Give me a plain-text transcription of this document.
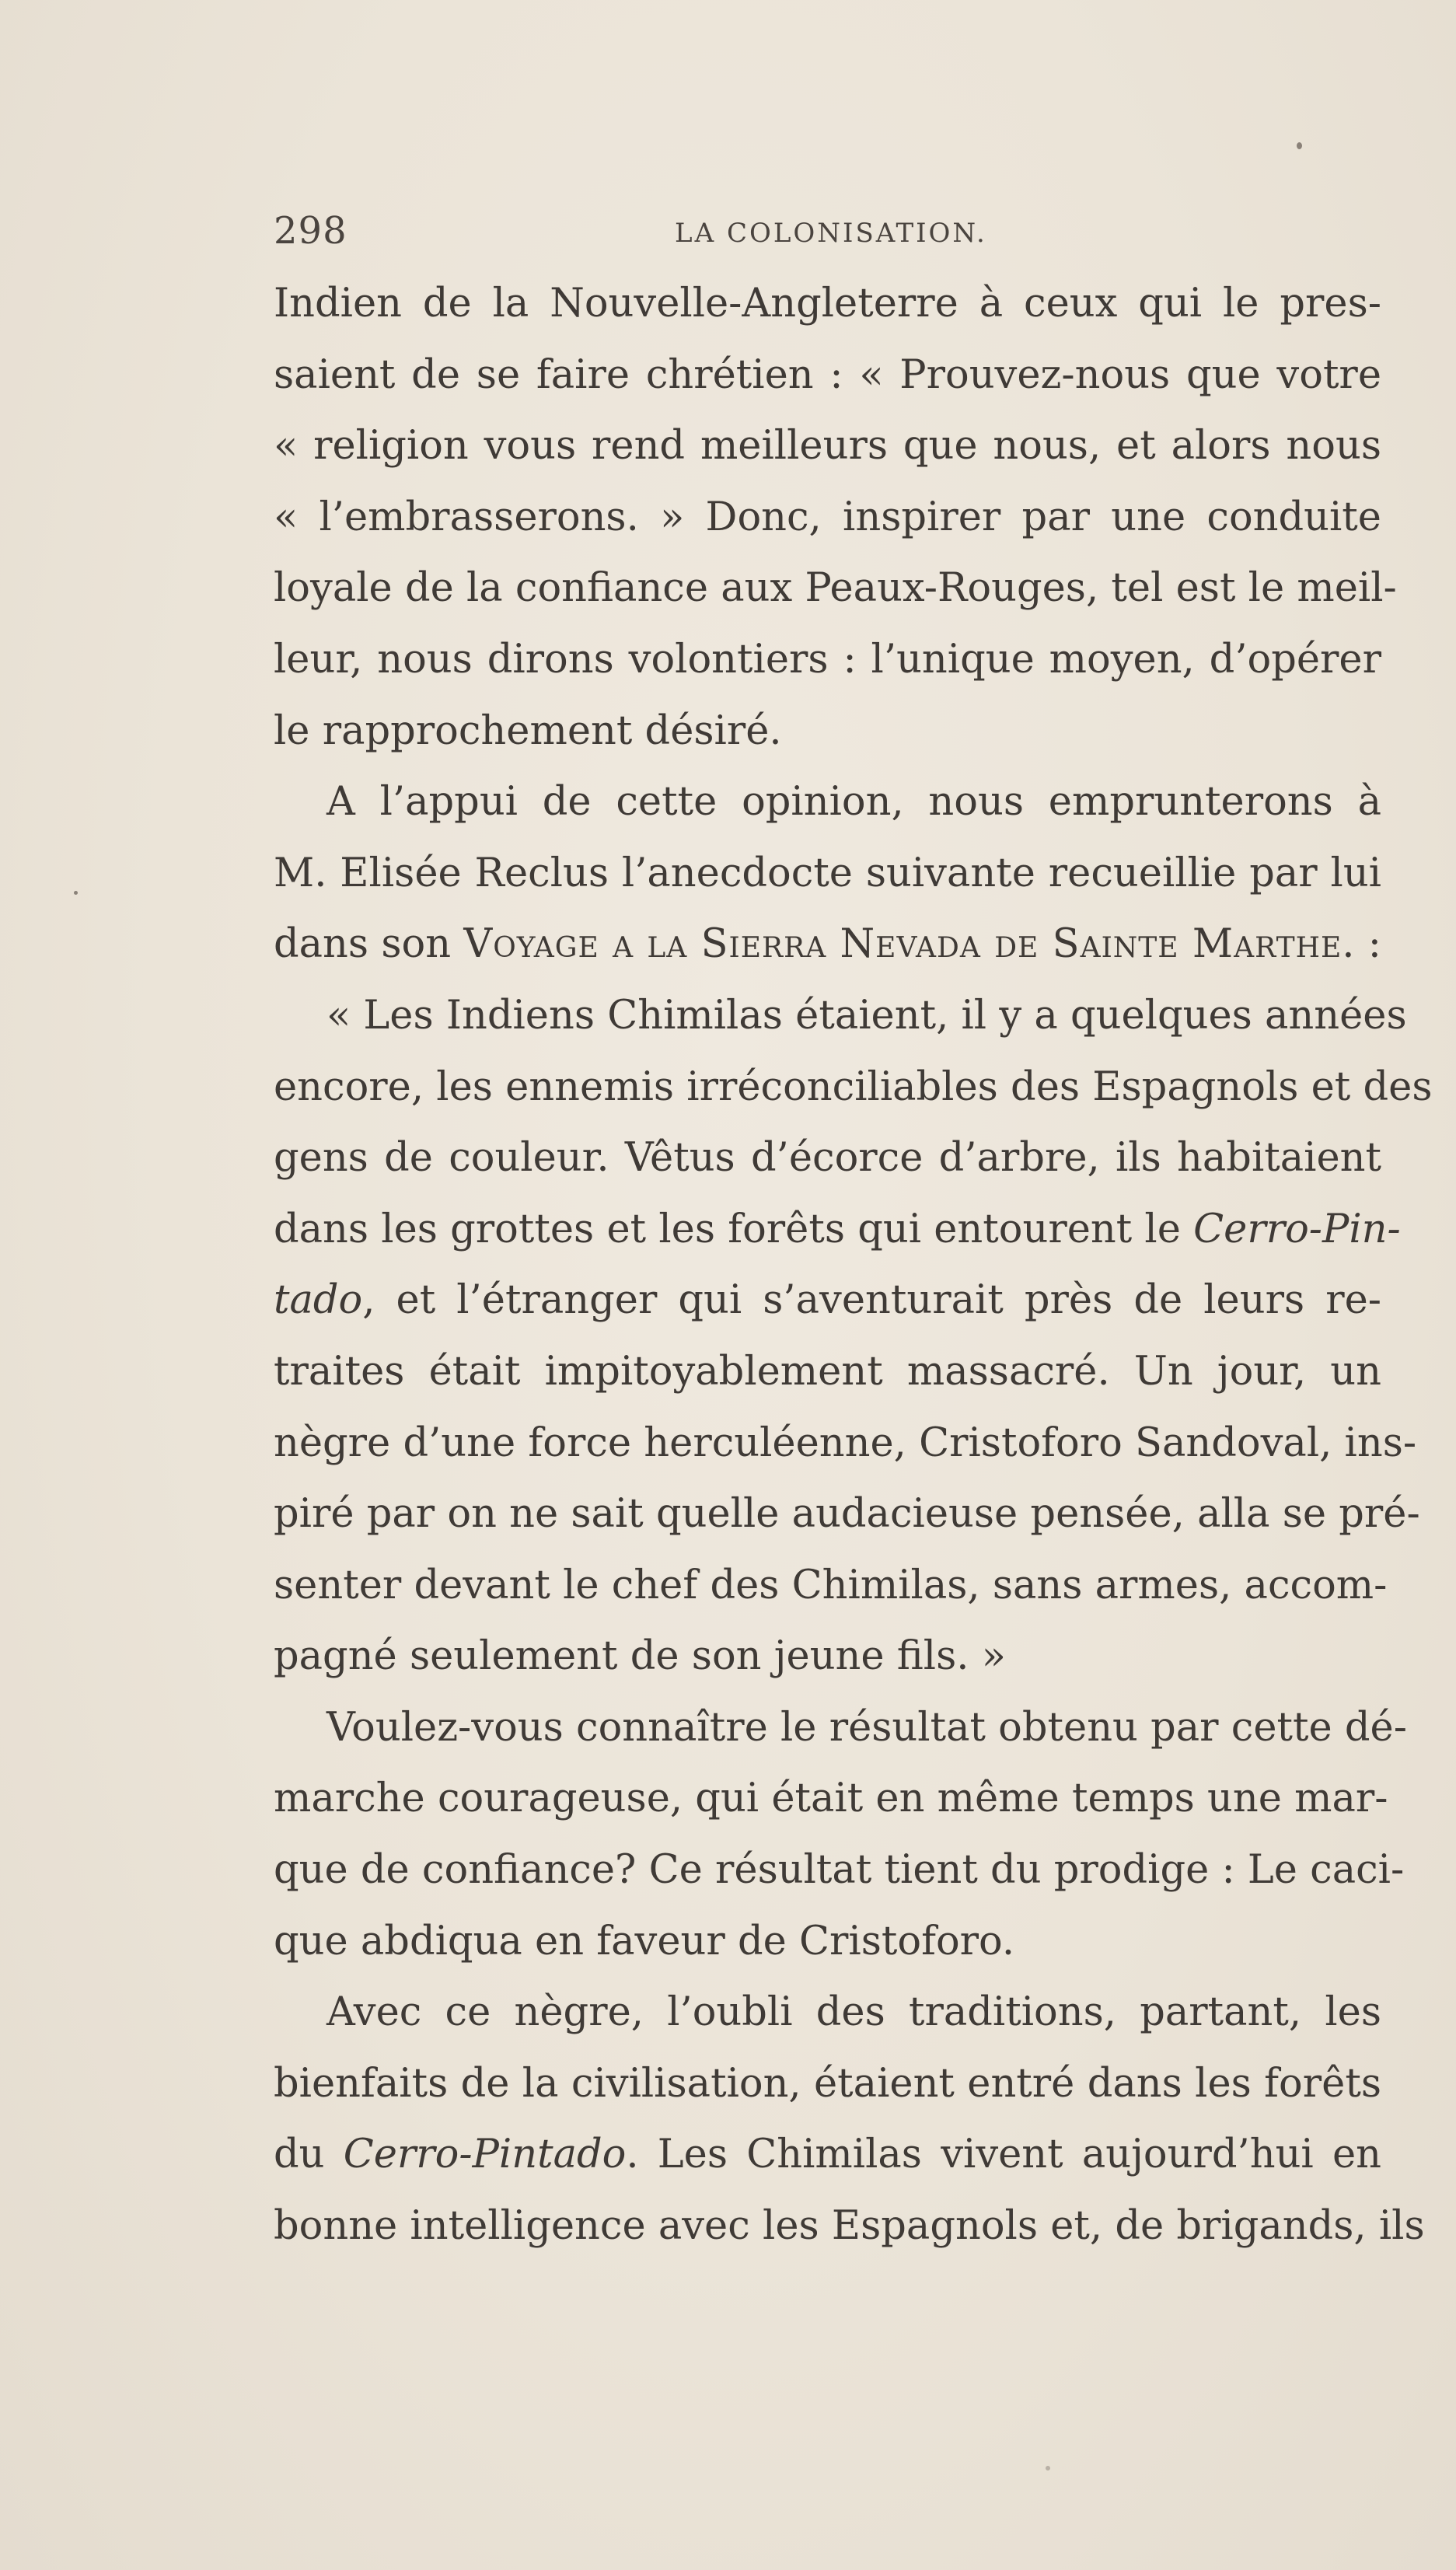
298	LA COLONISATION.
Indien de la Nouvelle-Angleterre à ceux qui le pres-
saient de se faire chrétien : « Prouvez-nous que votre
« religion vous rend meilleurs que nous, et alors nous
« l’embrasserons. » Donc, inspirer par une conduite
loyale de la confiance aux Peaux-Rouges, tel est le meil-
leur, nous dirons volontiers : l’unique moyen, d’opérer
le rapprochement désiré.
A l’appui de cette opinion, nous emprunterons à
M. Elisée Reclus l’anecdocte suivante recueillie par lui
dans son Voyage a la Sierra Nevada de Sainte Marthe. :
« Les Indiens Chimilas étaient, il y a quelques années
encore, les ennemis irréconciliables des Espagnols et des
gens de couleur. Vêtus d’écorce d’arbre, ils habitaient
dans les grottes et les forêts qui entourent le Cerro-Pin-
tado, et l’étranger qui s’aventurait près de leurs re-
traites était impitoyablement massacré. Un jour, un
nègre d’une force herculéenne, Cristoforo Sandoval, ins-
piré par on ne sait quelle audacieuse pensée, alla se pré-
senter devant le chef des Chimilas, sans armes, accom-
pagné seulement de son jeune fils. »
Voulez-vous connaître le résultat obtenu par cette dé-
marche courageuse, qui était en même temps une mar-
que de confiance? Ce résultat tient du prodige : Le caci-
que abdiqua en faveur de Cristoforo.
Avec ce nègre, l’oubli des traditions, partant, les
bienfaits de la civilisation, étaient entré dans les forêts
du Cerro-Pintado. Les Chimilas vivent aujourd’hui en
bonne intelligence avec les Espagnols et, de brigands, ils
